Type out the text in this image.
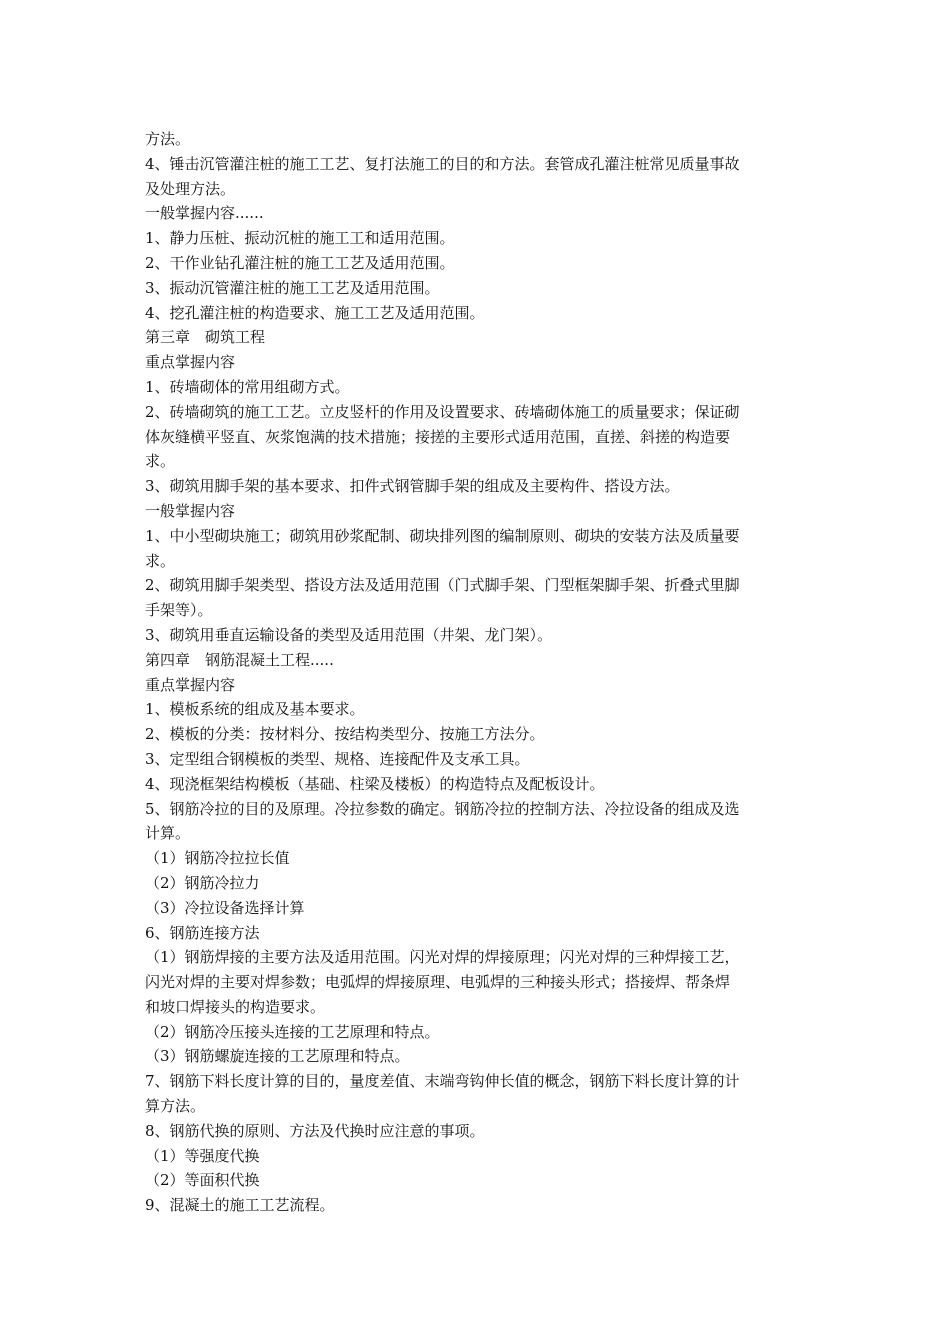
方法。
4、锤击沉管灌注桩的施工工艺、复打法施工的目的和方法。套管成孔灌注桩常见质量事故
及处理方法。
一般掌握内容......
1、静力压桩、振动沉桩的施工工和适用范围。
2、干作业钻孔灌注桩的施工工艺及适用范围。
3、振动沉管灌注桩的施工工艺及适用范围。
4、挖孔灌注桩的构造要求、施工工艺及适用范围。
第三章　砌筑工程
重点掌握内容
1、砖墙砌体的常用组砌方式。
2、砖墙砌筑的施工工艺。立皮竖杆的作用及设置要求、砖墙砌体施工的质量要求；保证砌
体灰缝横平竖直、灰浆饱满的技术措施；接搓的主要形式适用范围，直搓、斜搓的构造要
求。
3、砌筑用脚手架的基本要求、扣件式钢管脚手架的组成及主要构件、搭设方法。
一般掌握内容
1、中小型砌块施工；砌筑用砂浆配制、砌块排列图的编制原则、砌块的安装方法及质量要
求。
2、砌筑用脚手架类型、搭设方法及适用范围（门式脚手架、门型框架脚手架、折叠式里脚
手架等）。
3、砌筑用垂直运输设备的类型及适用范围（井架、龙门架）。
第四章　钢筋混凝土工程.....
重点掌握内容
1、模板系统的组成及基本要求。
2、模板的分类：按材料分、按结构类型分、按施工方法分。
3、定型组合钢模板的类型、规格、连接配件及支承工具。
4、现浇框架结构模板（基础、柱梁及楼板）的构造特点及配板设计。
5、钢筋冷拉的目的及原理。冷拉参数的确定。钢筋冷拉的控制方法、冷拉设备的组成及选
计算。
（1）钢筋冷拉拉长值
（2）钢筋冷拉力
（3）冷拉设备选择计算
6、钢筋连接方法
（1）钢筋焊接的主要方法及适用范围。闪光对焊的焊接原理；闪光对焊的三种焊接工艺，
闪光对焊的主要对焊参数；电弧焊的焊接原理、电弧焊的三种接头形式；搭接焊、帮条焊
和坡口焊接头的构造要求。
（2）钢筋冷压接头连接的工艺原理和特点。
（3）钢筋螺旋连接的工艺原理和特点。
7、钢筋下料长度计算的目的，量度差值、末端弯钩伸长值的概念，钢筋下料长度计算的计
算方法。
8、钢筋代换的原则、方法及代换时应注意的事项。
（1）等强度代换
（2）等面积代换
9、混凝土的施工工艺流程。
